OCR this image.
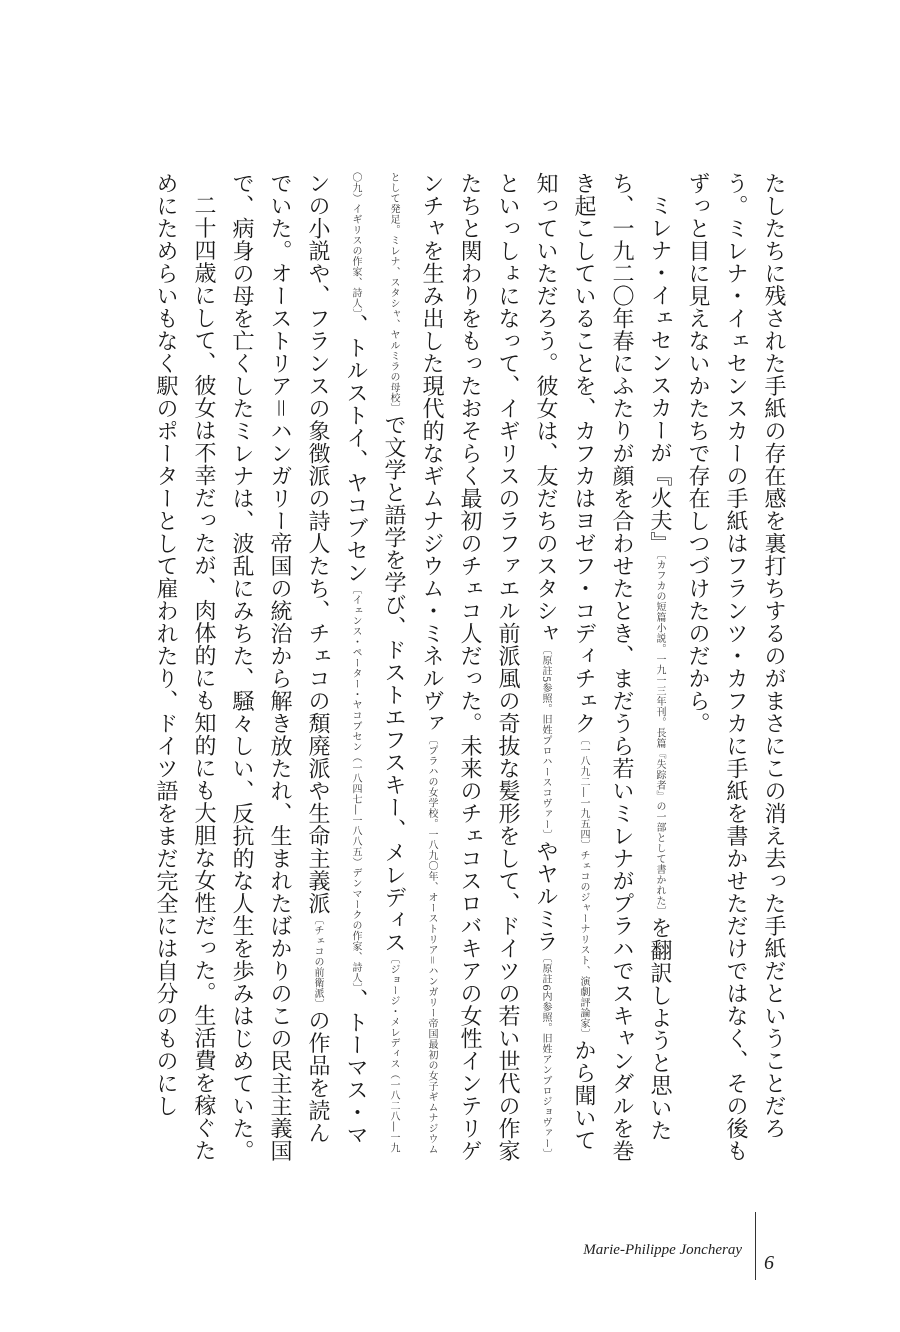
たしたちに残された手紙の存在感を裏打ちするのがまさにこの消え去った手紙だということだろう。ミレナ・イェセンスカーの手紙はフランツ・カフカに手紙を書かせただけではなく、その後もずっと目に見えないかたちで存在しつづけたのだから。

ミレナ・イェセンスカーが『火夫』〔カフカの短篇小説。一九一三年刊。長篇『失踪者』の一部として書かれた〕を翻訳しようと思いたち、一九二〇年春にふたりが顔を合わせたとき、まだうら若いミレナがプラハでスキャンダルを巻き起こしていることを、カフカはヨゼフ・コディチェク〔一八九二―一九五四〕チェコのジャーナリスト、演劇評論家〕から聞いて知っていただろう。彼女は、友だちのスタシャ〔原註5参照。旧姓プロハースコヴァー〕やヤルミラ〔原註6内参照。旧姓アンブロジョヴァー〕といっしょになって、イギリスのラファエル前派風の奇抜な髪形をして、ドイツの若い世代の作家たちと関わりをもったおそらく最初のチェコ人だった。未来のチェコスロバキアの女性インテリゲンチャを生み出した現代的なギムナジウム・ミネルヴァ〔プラハの女学校。一八九〇年、オーストリア＝ハンガリー帝国最初の女子ギムナジウムとして発足。ミレナ、スタシャ、ヤルミラの母校〕で文学と語学を学び、ドストエフスキー、メレディス〔ジョージ・メレディス（一八二八―一九〇九）イギリスの作家、詩人〕、トルストイ、ヤコブセン〔イェンス・ペーター・ヤコブセン（一八四七―一八八五）デンマークの作家、詩人〕、トーマス・マンの小説や、フランスの象徴派の詩人たち、チェコの頽廃派や生命主義派〔チェコの前衛派〕の作品を読んでいた。オーストリア＝ハンガリー帝国の統治から解き放たれ、生まれたばかりのこの民主主義国で、病身の母を亡くしたミレナは、波乱にみちた、騒々しい、反抗的な人生を歩みはじめていた。

二十四歳にして、彼女は不幸だったが、肉体的にも知的にも大胆な女性だった。生活費を稼ぐためにためらいもなく駅のポーターとして雇われたり、ドイツ語をまだ完全には自分のものにし

Marie-Philippe Joncheray
6
